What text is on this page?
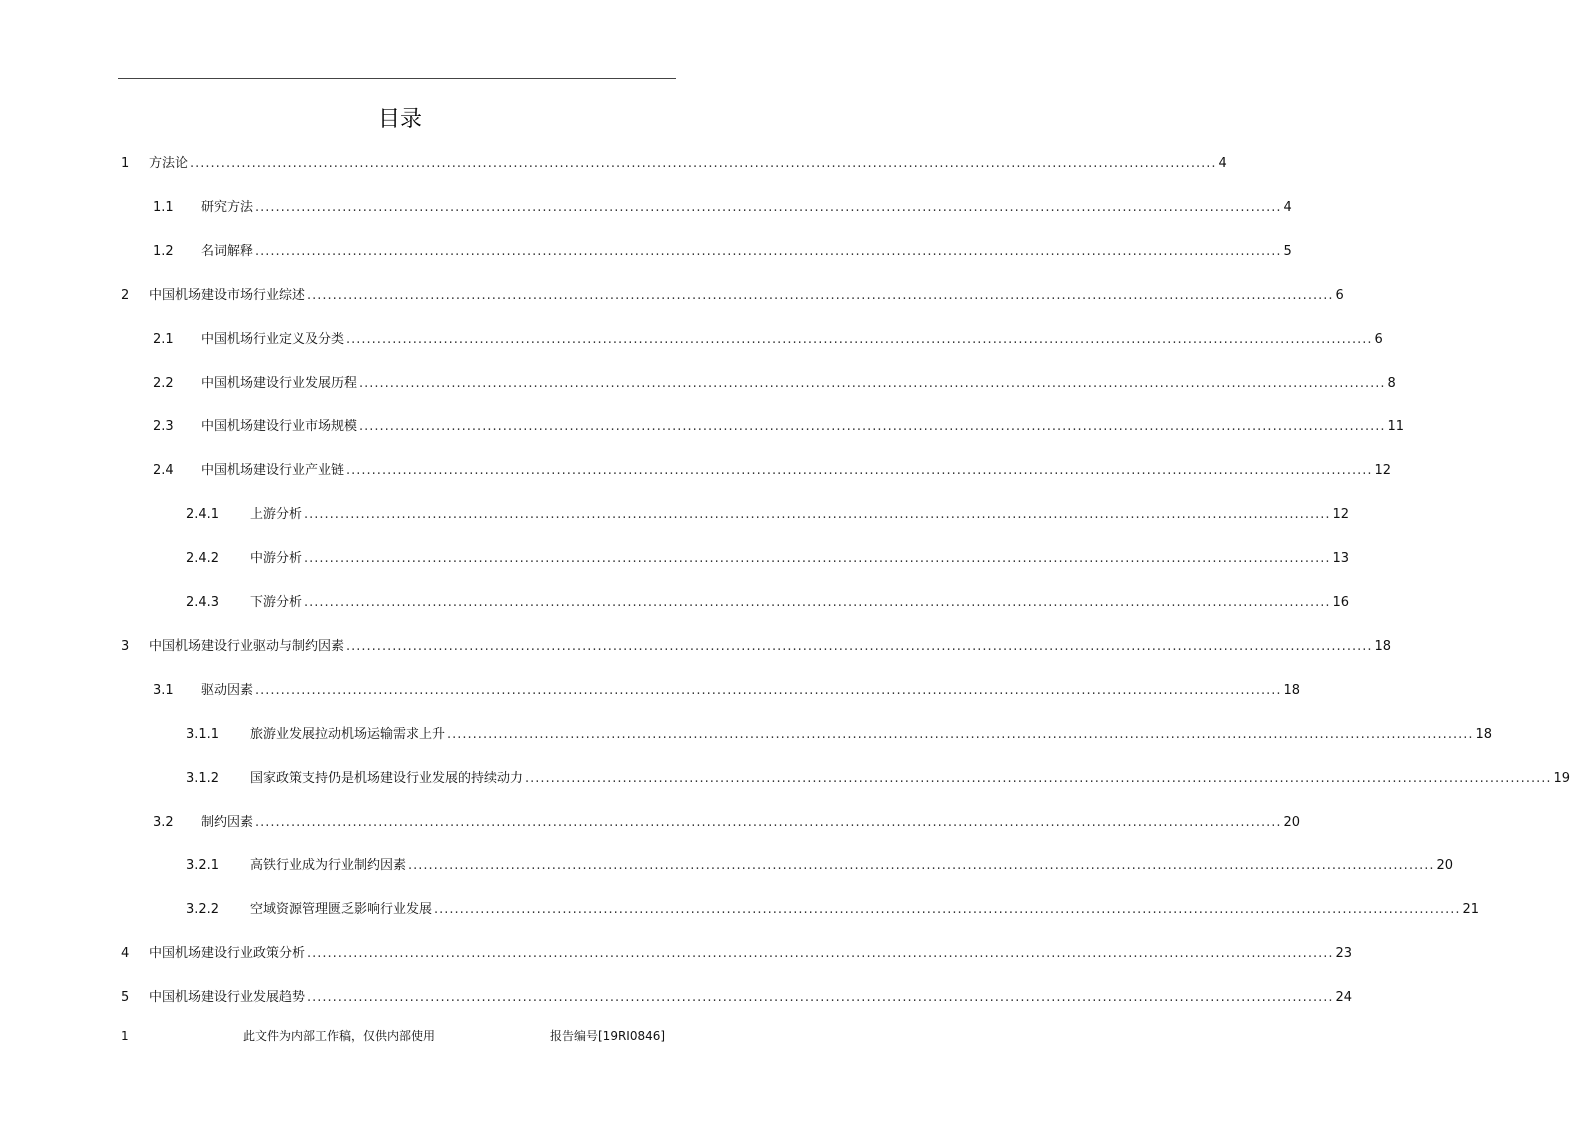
目录
1	方法论 ........................................................................................................................................................................................................ 4
1.1	研究方法 ........................................................................................................................................................................................................ 4
1.2	名词解释 ........................................................................................................................................................................................................ 5
2	中国机场建设市场行业综述 ........................................................................................................................................................................................................ 6
2.1	中国机场行业定义及分类 ........................................................................................................................................................................................................ 6
2.2	中国机场建设行业发展历程 ........................................................................................................................................................................................................ 8
2.3	中国机场建设行业市场规模 ........................................................................................................................................................................................................ 11
2.4	中国机场建设行业产业链 ........................................................................................................................................................................................................ 12
2.4.1	上游分析 ........................................................................................................................................................................................................ 12
2.4.2	中游分析 ........................................................................................................................................................................................................ 13
2.4.3	下游分析 ........................................................................................................................................................................................................ 16
3	中国机场建设行业驱动与制约因素 ........................................................................................................................................................................................................ 18
3.1	驱动因素 ........................................................................................................................................................................................................ 18
3.1.1	旅游业发展拉动机场运输需求上升 ........................................................................................................................................................................................................ 18
3.1.2	国家政策支持仍是机场建设行业发展的持续动力 ........................................................................................................................................................................................................ 19
3.2	制约因素 ........................................................................................................................................................................................................ 20
3.2.1	高铁行业成为行业制约因素 ........................................................................................................................................................................................................ 20
3.2.2	空域资源管理匮乏影响行业发展 ........................................................................................................................................................................................................ 21
4	中国机场建设行业政策分析 ........................................................................................................................................................................................................ 23
5	中国机场建设行业发展趋势 ........................................................................................................................................................................................................ 24
1	此文件为内部工作稿，仅供内部使用	报告编号[19RI0846]
